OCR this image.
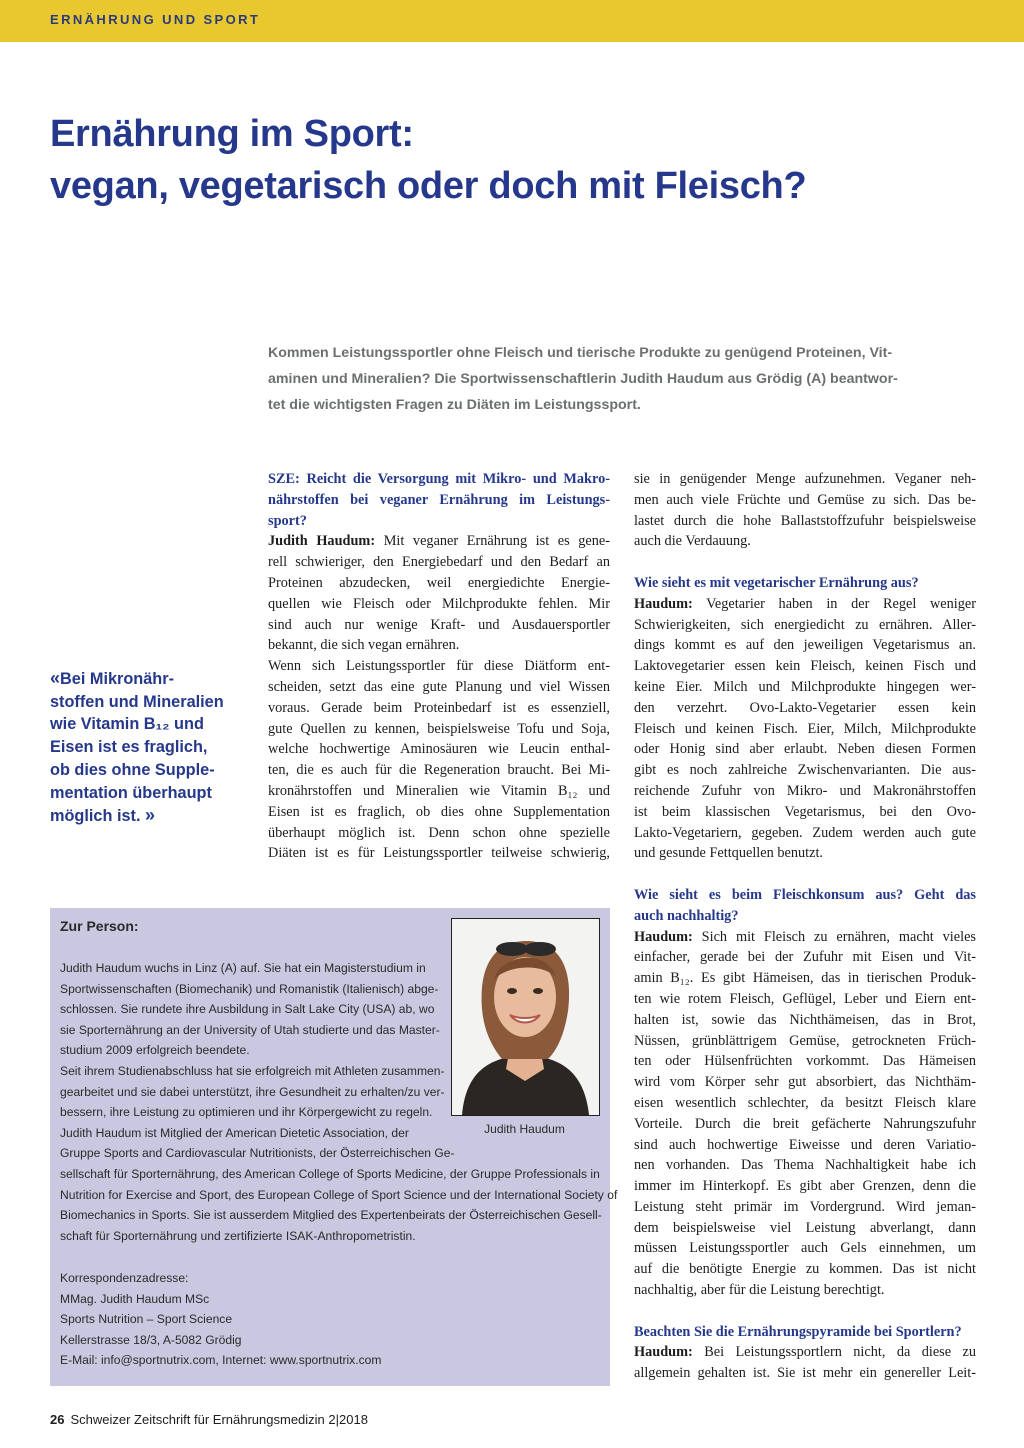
ERNÄHRUNG UND SPORT
Ernährung im Sport:
vegan, vegetarisch oder doch mit Fleisch?

Kommen Leistungssportler ohne Fleisch und tierische Produkte zu genügend Proteinen, Vit-
aminen und Mineralien? Die Sportwissenschaftlerin Judith Haudum aus Grödig (A) beantwor-
tet die wichtigsten Fragen zu Diäten im Leistungssport.

SZE: Reicht die Versorgung mit Mikro- und Makro-
nährstoffen bei veganer Ernährung im Leistungs-
sport?
Judith Haudum: Mit veganer Ernährung ist es gene-
rell schwieriger, den Energiebedarf und den Bedarf an
Proteinen abzudecken, weil energiedichte Energie-
quellen wie Fleisch oder Milchprodukte fehlen. Mir
sind auch nur wenige Kraft- und Ausdauersportler
bekannt, die sich vegan ernähren.
Wenn sich Leistungssportler für diese Diätform ent-
scheiden, setzt das eine gute Planung und viel Wissen
voraus. Gerade beim Proteinbedarf ist es essenziell,
gute Quellen zu kennen, beispielsweise Tofu und Soja,
welche hochwertige Aminosäuren wie Leucin enthal-
ten, die es auch für die Regeneration braucht. Bei Mi-
kronährstoffen und Mineralien wie Vitamin B₁₂ und
Eisen ist es fraglich, ob dies ohne Supplementation
überhaupt möglich ist. Denn schon ohne spezielle
Diäten ist es für Leistungssportler teilweise schwierig,
«Bei Mikronähr-
stoffen und Mineralien
wie Vitamin B₁₂ und
Eisen ist es fraglich,
ob dies ohne Supple-
mentation überhaupt
möglich ist. »
sie in genügender Menge aufzunehmen. Veganer neh-
men auch viele Früchte und Gemüse zu sich. Das be-
lastet durch die hohe Ballaststoffzufuhr beispielsweise
auch die Verdauung.
Wie sieht es mit vegetarischer Ernährung aus?
Haudum: Vegetarier haben in der Regel weniger
Schwierigkeiten, sich energiedicht zu ernähren. Aller-
dings kommt es auf den jeweiligen Vegetarismus an.
Laktovegetarier essen kein Fleisch, keinen Fisch und
keine Eier. Milch und Milchprodukte hingegen wer-
den verzehrt. Ovo-Lakto-Vegetarier essen kein
Fleisch und keinen Fisch. Eier, Milch, Milchprodukte
oder Honig sind aber erlaubt. Neben diesen Formen
gibt es noch zahlreiche Zwischenvarianten. Die aus-
reichende Zufuhr von Mikro- und Makronährstoffen
ist beim klassischen Vegetarismus, bei den Ovo-
Lakto-Vegetariern, gegeben. Zudem werden auch gute
und gesunde Fettquellen benutzt.
Wie sieht es beim Fleischkonsum aus? Geht das
auch nachhaltig?
Haudum: Sich mit Fleisch zu ernähren, macht vieles
einfacher, gerade bei der Zufuhr mit Eisen und Vit-
amin B₁₂. Es gibt Hämeisen, das in tierischen Produk-
ten wie rotem Fleisch, Geflügel, Leber und Eiern ent-
halten ist, sowie das Nichthämeisen, das in Brot,
Nüssen, grünblättrigem Gemüse, getrockneten Früch-
ten oder Hülsenfrüchten vorkommt. Das Hämeisen
wird vom Körper sehr gut absorbiert, das Nichthäm-
eisen wesentlich schlechter, da besitzt Fleisch klare
Vorteile. Durch die breit gefächerte Nahrungszufuhr
sind auch hochwertige Eiweisse und deren Variatio-
nen vorhanden. Das Thema Nachhaltigkeit habe ich
immer im Hinterkopf. Es gibt aber Grenzen, denn die
Leistung steht primär im Vordergrund. Wird jeman-
dem beispielsweise viel Leistung abverlangt, dann
müssen Leistungssportler auch Gels einnehmen, um
auf die benötigte Energie zu kommen. Das ist nicht
nachhaltig, aber für die Leistung berechtigt.
Beachten Sie die Ernährungspyramide bei Sportlern?
Haudum: Bei Leistungssportlern nicht, da diese zu
allgemein gehalten ist. Sie ist mehr ein genereller Leit-
Zur Person:
Judith Haudum wuchs in Linz (A) auf. Sie hat ein Magisterstudium in
Sportwissenschaften (Biomechanik) und Romanistik (Italienisch) abge-
schlossen. Sie rundete ihre Ausbildung in Salt Lake City (USA) ab, wo
sie Sporternährung an der University of Utah studierte und das Master-
studium 2009 erfolgreich beendete.
Seit ihrem Studienabschluss hat sie erfolgreich mit Athleten zusammen-
gearbeitet und sie dabei unterstützt, ihre Gesundheit zu erhalten/zu ver-
bessern, ihre Leistung zu optimieren und ihr Körpergewicht zu regeln.
Judith Haudum ist Mitglied der American Dietetic Association, der
Gruppe Sports and Cardiovascular Nutritionists, der Österreichischen Ge-
sellschaft für Sporternährung, des American College of Sports Medicine, der Gruppe Professionals in
Nutrition for Exercise and Sport, des European College of Sport Science und der International Society of
Biomechanics in Sports. Sie ist ausserdem Mitglied des Expertenbeirats der Österreichischen Gesell-
schaft für Sporternährung und zertifizierte ISAK-Anthropometristin.
Korrespondenzadresse:
MMag. Judith Haudum MSc
Sports Nutrition – Sport Science
Kellerstrasse 18/3, A-5082 Grödig
E-Mail: info@sportnutrix.com, Internet: www.sportnutrix.com
Judith Haudum
26 Schweizer Zeitschrift für Ernährungsmedizin 2|2018
